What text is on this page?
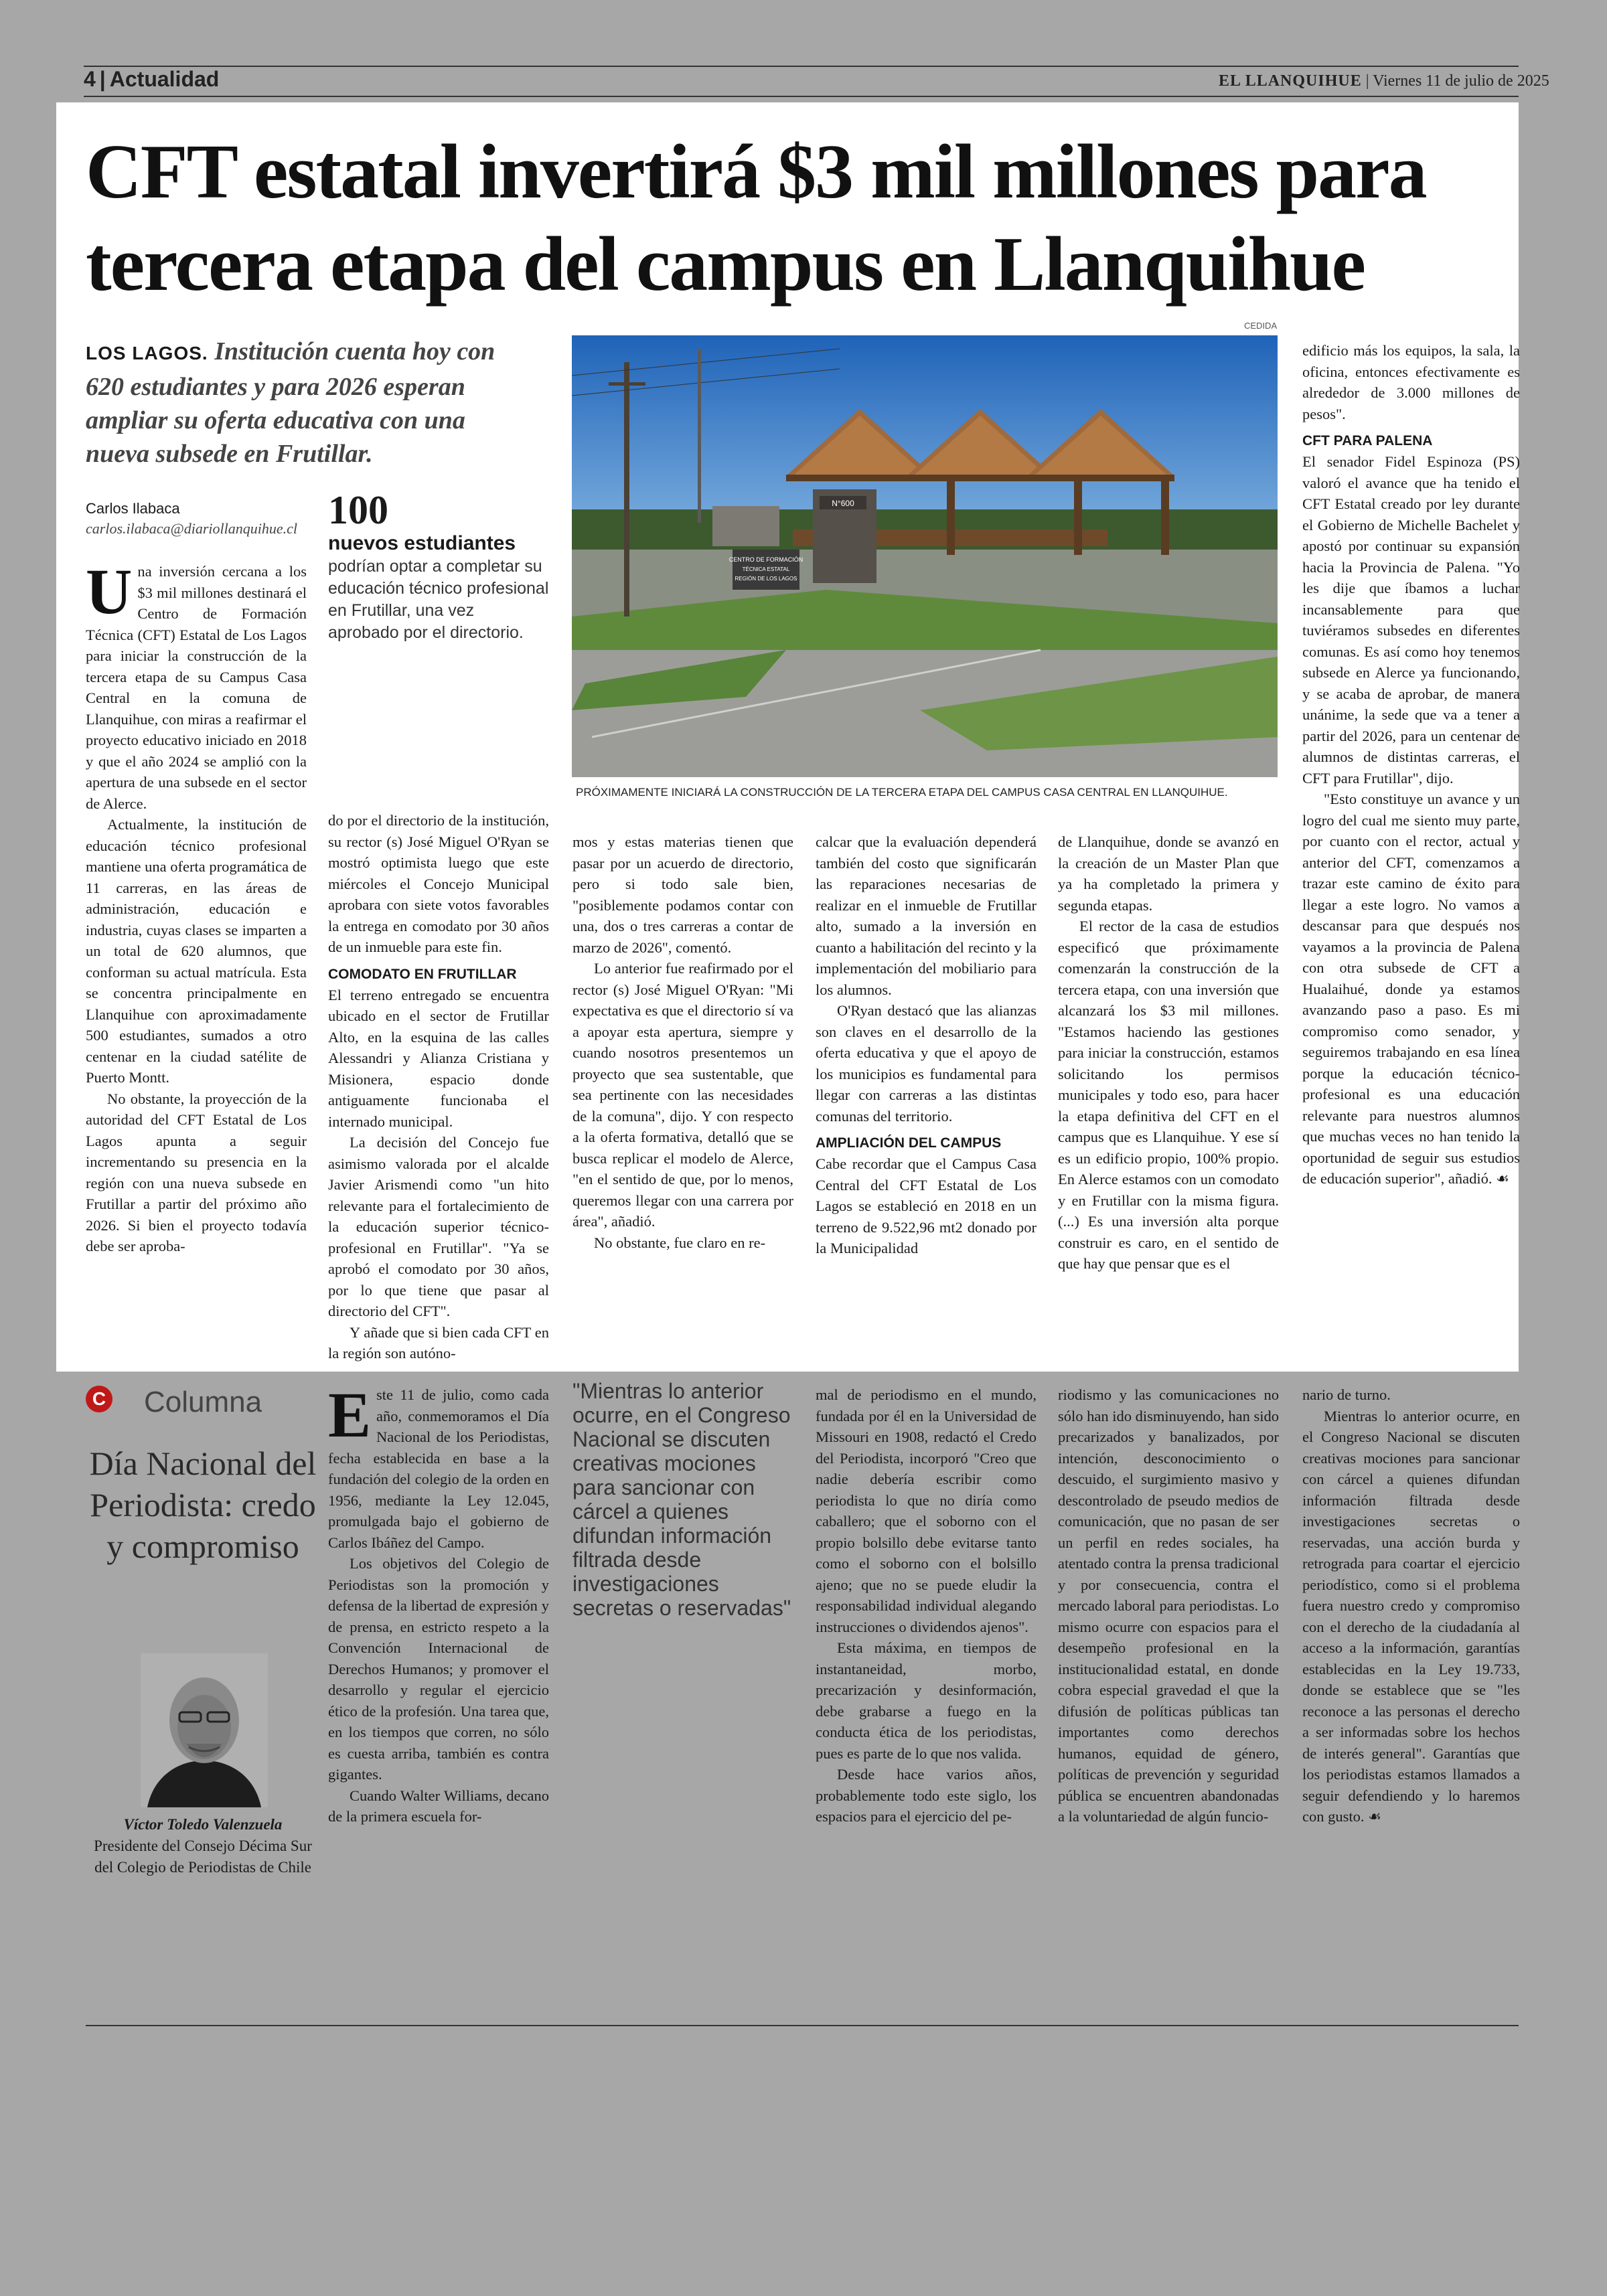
4 | Actualidad	EL LLANQUIHUE | Viernes 11 de julio de 2025
CFT estatal invertirá $3 mil millones para
tercera etapa del campus en Llanquihue
LOS LAGOS. Institución cuenta hoy con 620 estudiantes y para 2026 esperan ampliar su oferta educativa con una nueva subsede en Frutillar.
Carlos Ilabaca
carlos.ilabaca@diariollanquihue.cl 100
nuevos estudiantes
podrían optar a completar su educación técnico profesional en Frutillar, una vez aprobado por el directorio.

Una inversión cercana a los $3 mil millones destinará el Centro de Formación Técnica (CFT) Estatal de Los Lagos para iniciar la construcción de la tercera etapa de su Campus Casa Central en la comuna de Llanquihue, con miras a reafirmar el proyecto educativo iniciado en 2018 y que el año 2024 se amplió con la apertura de una subsede en el sector de Alerce.

Actualmente, la institución de educación técnico profesional mantiene una oferta programática de 11 carreras, en las áreas de administración, educación e industria, cuyas clases se imparten a un total de 620 alumnos, que conforman su actual matrícula. Esta se concentra principalmente en Llanquihue con aproximadamente 500 estudiantes, sumados a otro centenar en la ciudad satélite de Puerto Montt.

No obstante, la proyección de la autoridad del CFT Estatal de Los Lagos apunta a seguir incrementando su presencia en la región con una nueva subsede en Frutillar a partir del próximo año 2026. Si bien el proyecto todavía debe ser aproba-

do por el directorio de la institución, su rector (s) José Miguel O'Ryan se mostró optimista luego que este miércoles el Concejo Municipal aprobara con siete votos favorables la entrega en comodato por 30 años de un inmueble para este fin.

COMODATO EN FRUTILLAR

El terreno entregado se encuentra ubicado en el sector de Frutillar Alto, en la esquina de las calles Alessandri y Alianza Cristiana y Misionera, espacio donde antiguamente funcionaba el internado municipal.

La decisión del Concejo fue asimismo valorada por el alcalde Javier Arismendi como "un hito relevante para el fortalecimiento de la educación superior técnico-profesional en Frutillar". "Ya se aprobó el comodato por 30 años, por lo que tiene que pasar al directorio del CFT".

Y añade que si bien cada CFT en la región son autóno-

CEDIDA
CENTRO DE FORMACIÓN
TÉCNICA ESTATAL
REGIÓN DE LOS LAGOS
N°600
PRÓXIMAMENTE INICIARÁ LA CONSTRUCCIÓN DE LA TERCERA ETAPA DEL CAMPUS CASA CENTRAL EN LLANQUIHUE.

mos y estas materias tienen que pasar por un acuerdo de directorio, pero si todo sale bien, "posiblemente podamos contar con una, dos o tres carreras a contar de marzo de 2026", comentó.

Lo anterior fue reafirmado por el rector (s) José Miguel O'Ryan: "Mi expectativa es que el directorio sí va a apoyar esta apertura, siempre y cuando nosotros presentemos un proyecto que sea sustentable, que sea pertinente con las necesidades de la comuna", dijo. Y con respecto a la oferta formativa, detalló que se busca replicar el modelo de Alerce, "en el sentido de que, por lo menos, queremos llegar con una carrera por área", añadió.

No obstante, fue claro en re-

calcar que la evaluación dependerá también del costo que significarán las reparaciones necesarias de realizar en el inmueble de Frutillar alto, sumado a la inversión en cuanto a habilitación del recinto y la implementación del mobiliario para los alumnos.

O'Ryan destacó que las alianzas son claves en el desarrollo de la oferta educativa y que el apoyo de los municipios es fundamental para llegar con carreras a las distintas comunas del territorio.

AMPLIACIÓN DEL CAMPUS

Cabe recordar que el Campus Casa Central del CFT Estatal de Los Lagos se estableció en 2018 en un terreno de 9.522,96 mt2 donado por la Municipalidad

de Llanquihue, donde se avanzó en la creación de un Master Plan que ya ha completado la primera y segunda etapas.

El rector de la casa de estudios especificó que próximamente comenzarán la construcción de la tercera etapa, con una inversión que alcanzará los $3 mil millones. "Estamos haciendo las gestiones para iniciar la construcción, estamos solicitando los permisos municipales y todo eso, para hacer la etapa definitiva del CFT en el campus que es Llanquihue. Y ese sí es un edificio propio, 100% propio. En Alerce estamos con un comodato y en Frutillar con la misma figura. (...) Es una inversión alta porque construir es caro, en el sentido de que hay que pensar que es el

edificio más los equipos, la sala, la oficina, entonces efectivamente es alrededor de 3.000 millones de pesos".

CFT PARA PALENA

El senador Fidel Espinoza (PS) valoró el avance que ha tenido el CFT Estatal creado por ley durante el Gobierno de Michelle Bachelet y apostó por continuar su expansión hacia la Provincia de Palena. "Yo les dije que íbamos a luchar incansablemente para que tuviéramos subsedes en diferentes comunas. Es así como hoy tenemos subsede en Alerce ya funcionando, y se acaba de aprobar, de manera unánime, la sede que va a tener a partir del 2026, para un centenar de alumnos de distintas carreras, el CFT para Frutillar", dijo.

"Esto constituye un avance y un logro del cual me siento muy parte, por cuanto con el rector, actual y anterior del CFT, comenzamos a trazar este camino de éxito para llegar a este logro. No vamos a descansar para que después nos vayamos a la provincia de Palena con otra subsede de CFT a Hualaihué, donde ya estamos avanzando paso a paso. Es mi compromiso como senador, y seguiremos trabajando en esa línea porque la educación técnico-profesional es una educación relevante para nuestros alumnos que muchas veces no han tenido la oportunidad de seguir sus estudios de educación superior", añadió. ☙

C Columna
Día Nacional del Periodista: credo y compromiso
Víctor Toledo Valenzuela
Presidente del Consejo Décima Sur del Colegio de Periodistas de Chile

Este 11 de julio, como cada año, conmemoramos el Día Nacional de los Periodistas, fecha establecida en base a la fundación del colegio de la orden en 1956, mediante la Ley 12.045, promulgada bajo el gobierno de Carlos Ibáñez del Campo.

Los objetivos del Colegio de Periodistas son la promoción y defensa de la libertad de expresión y de prensa, en estricto respeto a la Convención Internacional de Derechos Humanos; y promover el desarrollo y regular el ejercicio ético de la profesión. Una tarea que, en los tiempos que corren, no sólo es cuesta arriba, también es contra gigantes.

Cuando Walter Williams, decano de la primera escuela for-

"Mientras lo anterior ocurre, en el Congreso Nacional se discuten creativas mociones para sancionar con cárcel a quienes difundan información filtrada desde investigaciones secretas o reservadas"

mal de periodismo en el mundo, fundada por él en la Universidad de Missouri en 1908, redactó el Credo del Periodista, incorporó "Creo que nadie debería escribir como periodista lo que no diría como caballero; que el soborno con el propio bolsillo debe evitarse tanto como el soborno con el bolsillo ajeno; que no se puede eludir la responsabilidad individual alegando instrucciones o dividendos ajenos".

Esta máxima, en tiempos de instantaneidad, morbo, precarización y desinformación, debe grabarse a fuego en la conducta ética de los periodistas, pues es parte de lo que nos valida.

Desde hace varios años, probablemente todo este siglo, los espacios para el ejercicio del pe-

riodismo y las comunicaciones no sólo han ido disminuyendo, han sido precarizados y banalizados, por intención, desconocimiento o descuido, el surgimiento masivo y descontrolado de pseudo medios de comunicación, que no pasan de ser un perfil en redes sociales, ha atentado contra la prensa tradicional y por consecuencia, contra el mercado laboral para periodistas. Lo mismo ocurre con espacios para el desempeño profesional en la institucionalidad estatal, en donde cobra especial gravedad el que la difusión de políticas públicas tan importantes como derechos humanos, equidad de género, políticas de prevención y seguridad pública se encuentren abandonadas a la voluntariedad de algún funcio-

nario de turno.

Mientras lo anterior ocurre, en el Congreso Nacional se discuten creativas mociones para sancionar con cárcel a quienes difundan información filtrada desde investigaciones secretas o reservadas, una acción burda y retrograda para coartar el ejercicio periodístico, como si el problema fuera nuestro credo y compromiso con el derecho de la ciudadanía al acceso a la información, garantías establecidas en la Ley 19.733, donde se establece que se "les reconoce a las personas el derecho a ser informadas sobre los hechos de interés general". Garantías que los periodistas estamos llamados a seguir defendiendo y lo haremos con gusto. ☙
